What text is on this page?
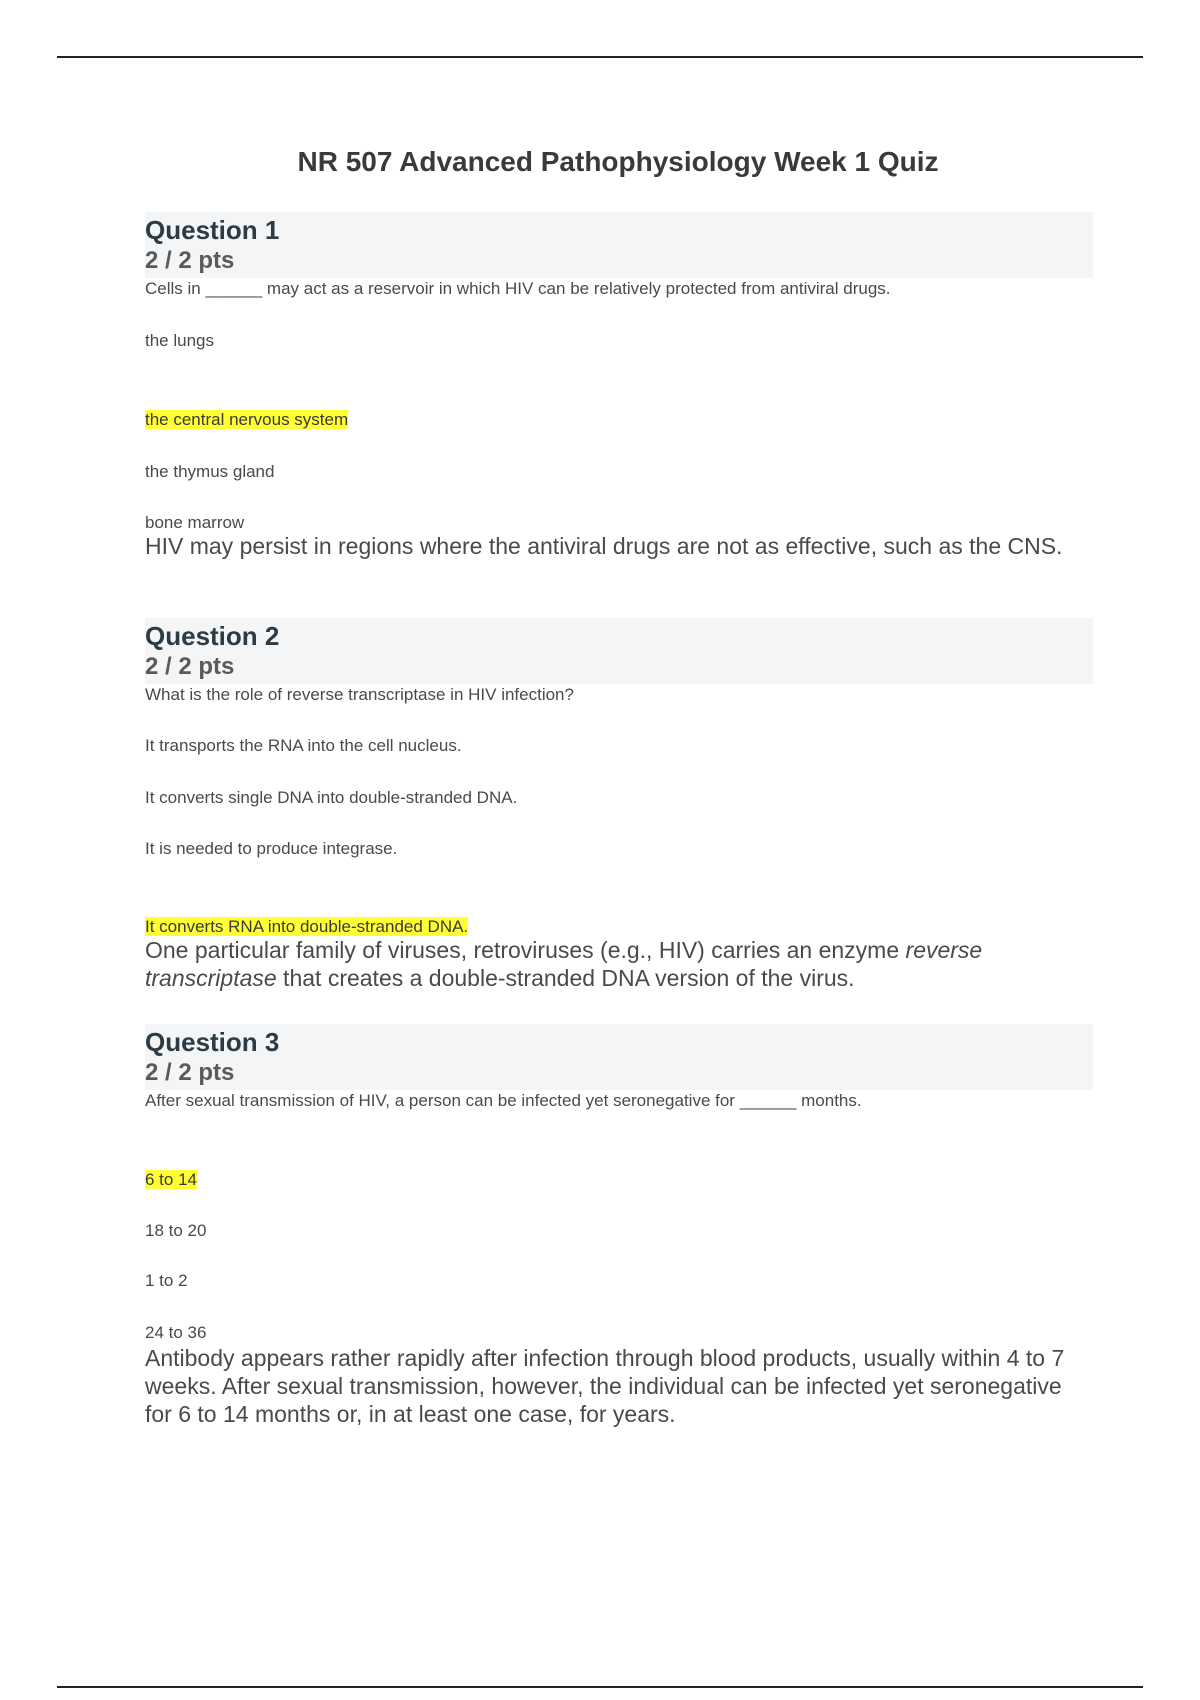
NR 507 Advanced Pathophysiology Week 1 Quiz
Question 1
2 / 2 pts
Cells in ______ may act as a reservoir in which HIV can be relatively protected from antiviral drugs.
the lungs
the central nervous system
the thymus gland
bone marrow
HIV may persist in regions where the antiviral drugs are not as effective, such as the CNS.
Question 2
2 / 2 pts
What is the role of reverse transcriptase in HIV infection?
It transports the RNA into the cell nucleus.
It converts single DNA into double-stranded DNA.
It is needed to produce integrase.
It converts RNA into double-stranded DNA.
One particular family of viruses, retroviruses (e.g., HIV) carries an enzyme reverse transcriptase that creates a double-stranded DNA version of the virus.
Question 3
2 / 2 pts
After sexual transmission of HIV, a person can be infected yet seronegative for ______ months.
6 to 14
18 to 20
1 to 2
24 to 36
Antibody appears rather rapidly after infection through blood products, usually within 4 to 7 weeks. After sexual transmission, however, the individual can be infected yet seronegative for 6 to 14 months or, in at least one case, for years.
